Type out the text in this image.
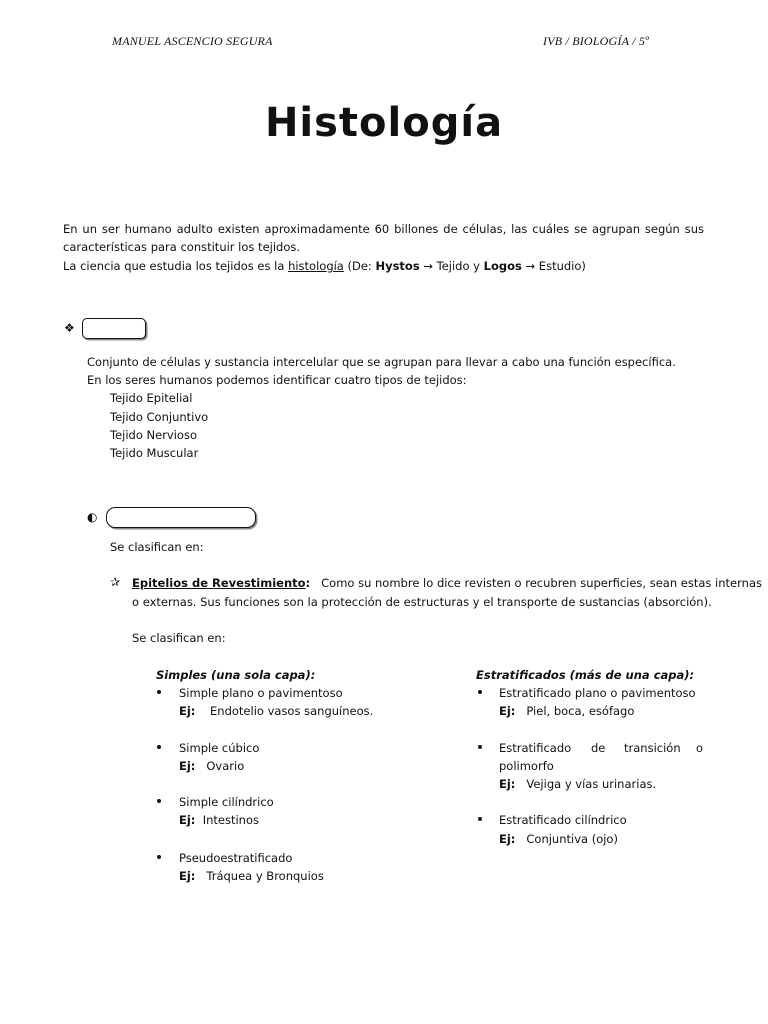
MANUEL ASCENCIO SEGURA	IVB / BIOLOGÍA / 5º
Histología
En un ser humano adulto existen aproximadamente 60 billones de células, las cuáles se agrupan según sus características para constituir los tejidos.
La ciencia que estudia los tejidos es la histología (De: Hystos → Tejido y Logos → Estudio)
❖
Conjunto de células y sustancia intercelular que se agrupan para llevar a cabo una función específica.
En los seres humanos podemos identificar cuatro tipos de tejidos:
Tejido Epitelial
Tejido Conjuntivo
Tejido Nervioso
Tejido Muscular
◐
Se clasifican en:
✰ Epitelios de Revestimiento: Como su nombre lo dice revisten o recubren superficies, sean estas internas
o externas. Sus funciones son la protección de estructuras y el transporte de sustancias (absorción).
Se clasifican en:
Simples (una sola capa):
Simple plano o pavimentoso
Ej: Endotelio vasos sanguíneos.
Simple cúbico
Ej: Ovario
Simple cilíndrico
Ej: Intestinos
Pseudoestratificado
Ej: Tráquea y Bronquios
Estratificados (más de una capa):
Estratificado plano o pavimentoso
Ej: Piel, boca, esófago
Estratificado de transición o
polimorfo
Ej: Vejiga y vías urinarias.
Estratificado cilíndrico
Ej: Conjuntiva (ojo)
